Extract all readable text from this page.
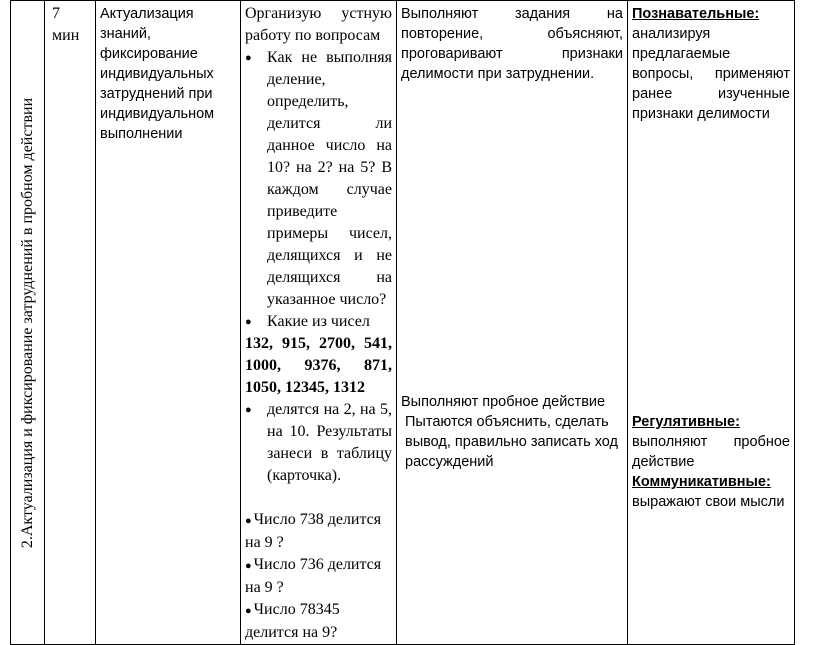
2.Актуализация и фиксирование затруднений в пробном действии

7 мин

Актуализация знаний, фиксирование индивидуальных затруднений при индивидуальном выполнении

Организую устную работу по вопросам
● Как не выполняя деление, определить, делится ли данное число на 10? на 2? на 5? В каждом случае приведите примеры чисел, делящихся и не делящихся на указанное число?
● Какие из чисел
132, 915, 2700, 541, 1000, 9376, 871, 1050, 12345, 1312
● делятся на 2, на 5, на 10. Результаты занеси в таблицу (карточка).
● Число 738 делится на 9 ?
● Число 736 делится на 9 ?
● Число 78345 делится на 9?

Выполняют задания на повторение, объясняют, проговаривают признаки делимости при затруднении.
Выполняют пробное действие
Пытаются объяснить, сделать вывод, правильно записать ход рассуждений

Познавательные:
анализируя предлагаемые вопросы, применяют ранее изученные признаки делимости
Регулятивные:
выполняют пробное действие
Коммуникативные:
выражают свои мысли
